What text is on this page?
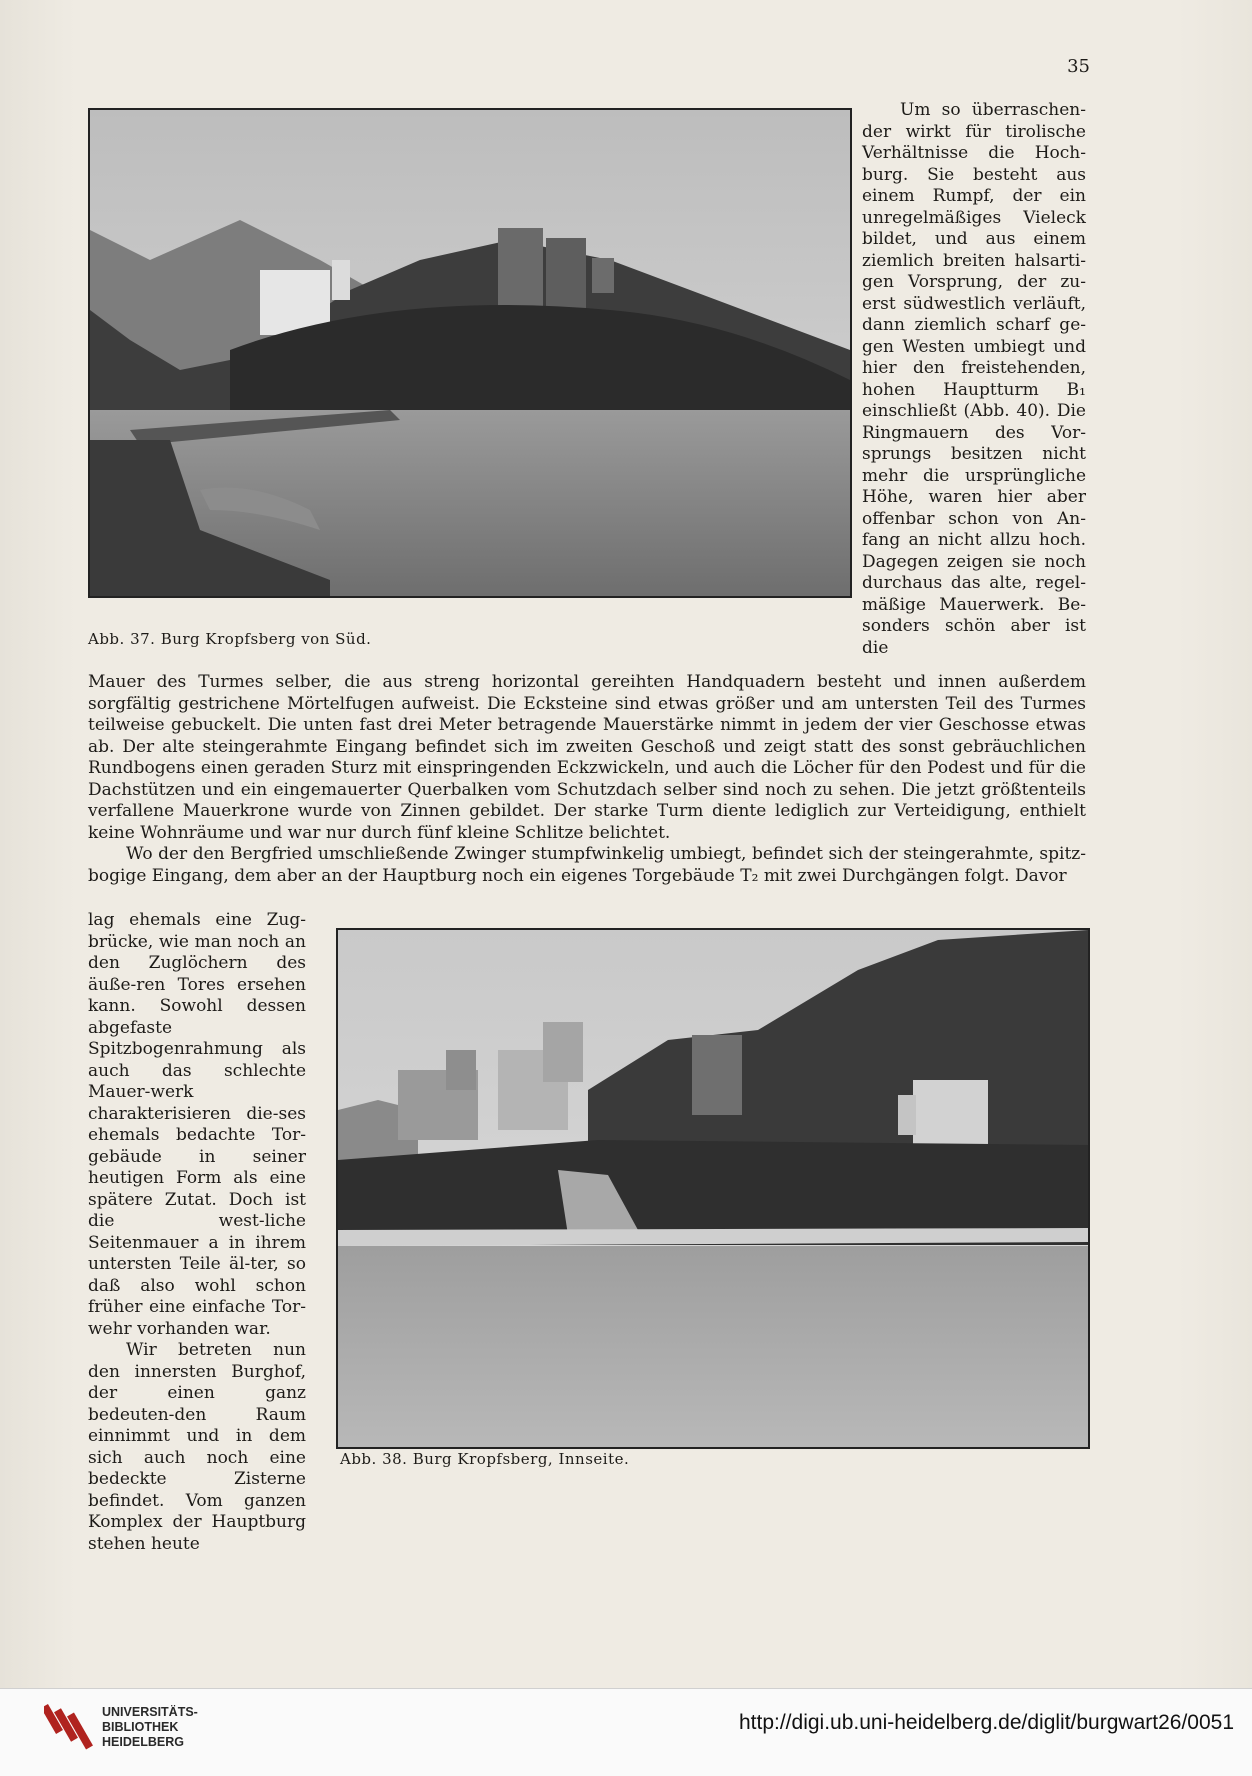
35
Abb. 37. Burg Kropfsberg von Süd.

Um so überraschen-der wirkt für tirolische Verhältnisse die Hoch-burg. Sie besteht aus einem Rumpf, der ein unregelmäßiges Vieleck bildet, und aus einem ziemlich breiten halsarti-gen Vorsprung, der zu-erst südwestlich verläuft, dann ziemlich scharf ge-gen Westen umbiegt und hier den freistehenden, hohen Hauptturm B₁ einschließt (Abb. 40). Die Ringmauern des Vor-sprungs besitzen nicht mehr die ursprüngliche Höhe, waren hier aber offenbar schon von An-fang an nicht allzu hoch. Dagegen zeigen sie noch durchaus das alte, regel-mäßige Mauerwerk. Be-sonders schön aber ist die

Mauer des Turmes selber, die aus streng horizontal gereihten Handquadern besteht und innen außerdem sorgfältig gestrichene Mörtelfugen aufweist. Die Ecksteine sind etwas größer und am untersten Teil des Turmes teilweise gebuckelt. Die unten fast drei Meter betragende Mauerstärke nimmt in jedem der vier Geschosse etwas ab. Der alte steingerahmte Eingang befindet sich im zweiten Geschoß und zeigt statt des sonst gebräuchlichen Rundbogens einen geraden Sturz mit einspringenden Eckzwickeln, und auch die Löcher für den Podest und für die Dachstützen und ein eingemauerter Querbalken vom Schutzdach selber sind noch zu sehen. Die jetzt größtenteils verfallene Mauerkrone wurde von Zinnen gebildet. Der starke Turm diente lediglich zur Verteidigung, enthielt keine Wohnräume und war nur durch fünf kleine Schlitze belichtet.

Wo der den Bergfried umschließende Zwinger stumpfwinkelig umbiegt, befindet sich der steingerahmte, spitz-bogige Eingang, dem aber an der Hauptburg noch ein eigenes Torgebäude T₂ mit zwei Durchgängen folgt. Davor

lag ehemals eine Zug-brücke, wie man noch an den Zuglöchern des äuße-ren Tores ersehen kann. Sowohl dessen abgefaste Spitzbogenrahmung als auch das schlechte Mauer-werk charakterisieren die-ses ehemals bedachte Tor-gebäude in seiner heutigen Form als eine spätere Zutat. Doch ist die west-liche Seitenmauer a in ihrem untersten Teile äl-ter, so daß also wohl schon früher eine einfache Tor-wehr vorhanden war.

Wir betreten nun den innersten Burghof, der einen ganz bedeuten-den Raum einnimmt und in dem sich auch noch eine bedeckte Zisterne befindet. Vom ganzen Komplex der Hauptburg stehen heute

Abb. 38. Burg Kropfsberg, Innseite.
UNIVERSITÄTS-
BIBLIOTHEK
HEIDELBERG
http://digi.ub.uni-heidelberg.de/diglit/burgwart26/0051
